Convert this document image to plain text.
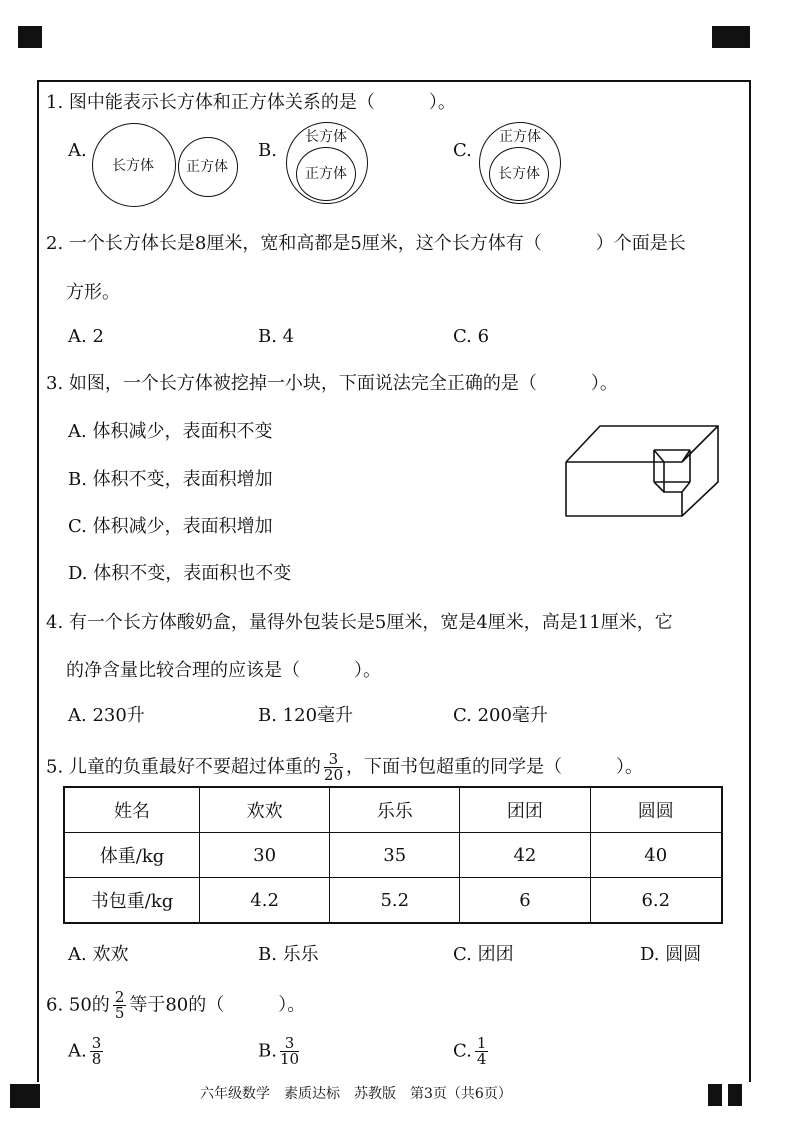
1. 图中能表示长方体和正方体关系的是（　　　）。
A.
长方体 正方体
B.
长方体
正方体
C.
正方体
长方体
2. 一个长方体长是8厘米，宽和高都是5厘米，这个长方体有（　　　）个面是长
方形。
A. 2	B. 4	C. 6
3. 如图，一个长方体被挖掉一小块，下面说法完全正确的是（　　　）。
A. 体积减少，表面积不变
B. 体积不变，表面积增加
C. 体积减少，表面积增加
D. 体积不变，表面积也不变
4. 有一个长方体酸奶盒，量得外包装长是5厘米，宽是4厘米，高是11厘米，它
的净含量比较合理的应该是（　　　）。
A. 230升	B. 120毫升	C. 200毫升
5. 儿童的负重最好不要超过体重的 $\frac{3}{20}$ ，下面书包超重的同学是（　　　）。
姓名	欢欢	乐乐	团团	圆圆
体重/kg	30	35	42	40
书包重/kg	4.2	5.2	6	6.2
A. 欢欢	B. 乐乐	C. 团团	D. 圆圆
6. 50的 $\frac{2}{5}$ 等于80的（　　　）。
A. $\frac{3}{8}$	B. $\frac{3}{10}$	C. $\frac{1}{4}$
六年级数学　素质达标　苏教版　第3页（共6页）
